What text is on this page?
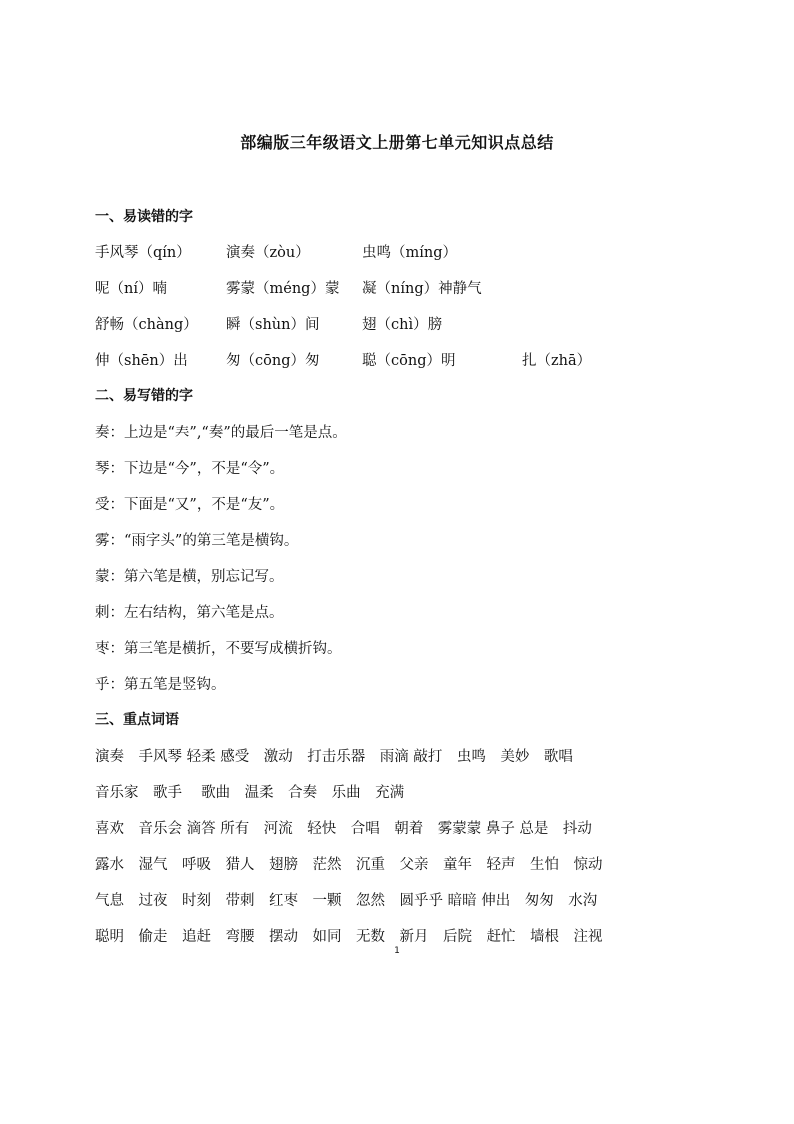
部编版三年级语文上册第七单元知识点总结
一、易读错的字
手风琴（qín） 演奏（zòu）	虫鸣（míng）
呢（ní）喃	雾蒙（méng）蒙 凝（níng）神静气
舒畅（chàng） 瞬（shùn）间	翅（chì）膀
伸（shēn）出	匆（cōng）匆	聪（cōng）明	扎（zhā）
二、易写错的字
奏：上边是“𡗗”,“奏”的最后一笔是点。
琴：下边是“今”，不是“令”。
受：下面是“又”，不是“友”。
雾：“雨字头”的第三笔是横钩。
蒙：第六笔是横，别忘记写。
刺：左右结构，第六笔是点。
枣：第三笔是横折，不要写成横折钩。
乎：第五笔是竖钩。
三、重点词语
演奏　手风琴 轻柔 感受　激动　打击乐器　雨滴 敲打　虫鸣　美妙　歌唱
音乐家　歌手　 歌曲　温柔　合奏　乐曲　充满
喜欢　音乐会 滴答 所有　河流　轻快　合唱　朝着　雾蒙蒙 鼻子 总是　抖动
露水　湿气　呼吸　猎人　翅膀　茫然　沉重　父亲　童年　轻声　生怕　惊动
气息　过夜　时刻　带刺　红枣　一颗　忽然　圆乎乎 暗暗 伸出　匆匆　水沟
聪明　偷走　追赶　弯腰　摆动　如同　无数　新月　后院　赶忙　墙根　注视
1
